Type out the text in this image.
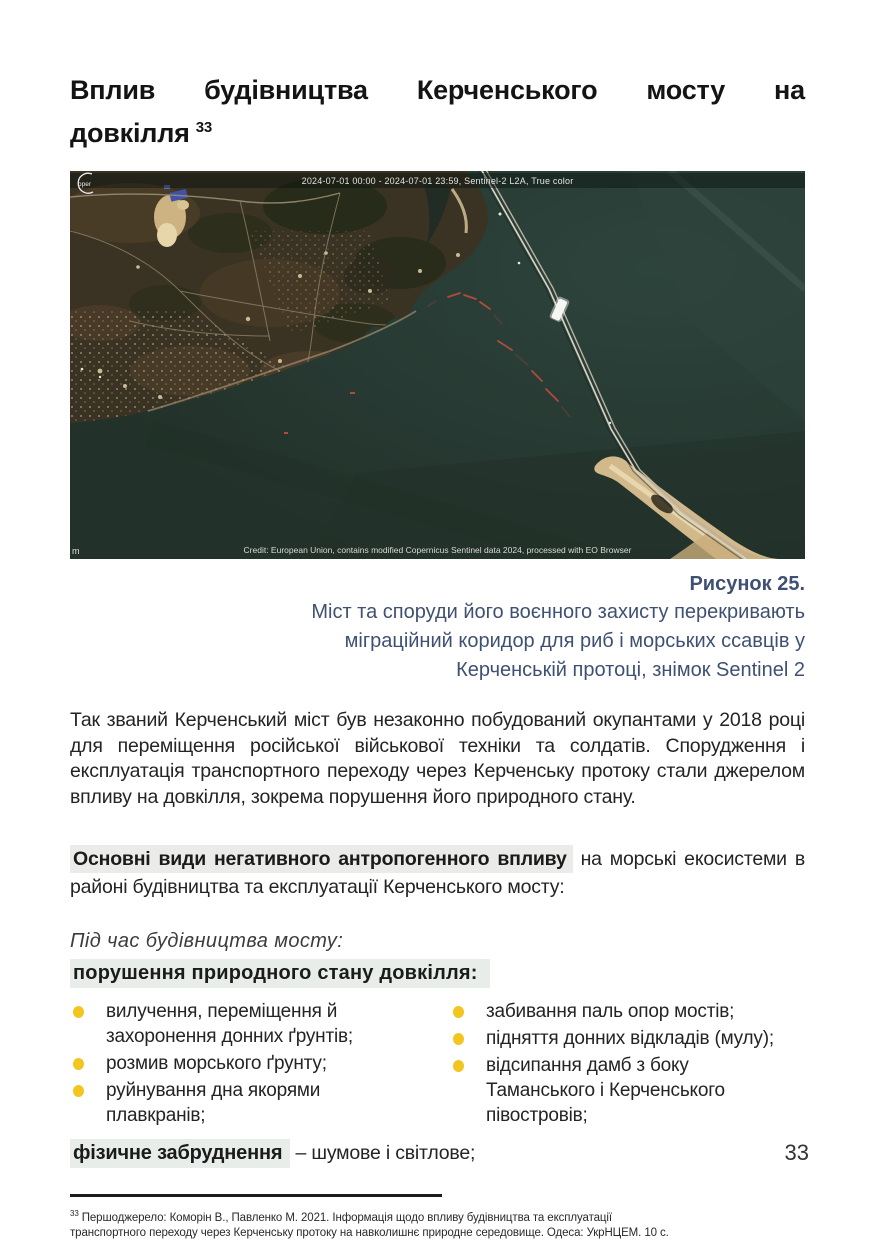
Вплив будівництва Керченського мосту на
довкілля $^{33}$
2024-07-01 00:00 - 2024-07-01 23:59, Sentinel-2 L2A, True color
Credit: European Union, contains modified Copernicus Sentinel data 2024, processed with EO Browser
m
oper
Рисунок 25.
Міст та споруди його воєнного захисту перекривають міграційний коридор для риб і морських ссавців у Керченській протоці, знімок Sentinel 2

Так званий Керченський міст був незаконно побудований окупантами у 2018 році для переміщення російської військової техніки та солдатів. Спорудження і експлуатація транспортного переходу через Керченську протоку стали джерелом впливу на довкілля, зокрема порушення його природного стану.

Основні види негативного антропогенного впливу на морські екосистеми в районі будівництва та експлуатації Керченського мосту:

Під час будівництва мосту:

порушення природного стану довкілля:

вилучення, переміщення й захоронення донних ґрунтів;
розмив морського ґрунту;
руйнування дна якорями плавкранів;
забивання паль опор мостів;
підняття донних відкладів (мулу);
відсипання дамб з боку Таманського і Керченського півостровів;

фізичне забруднення – шумове і світлове;

$^{33}$ Першоджерело: Коморін В., Павленко М. 2021. Інформація щодо впливу будівництва та експлуатації
транспортного переходу через Керченську протоку на навколишнє природне середовище. Одеса: УкрНЦЕМ. 10 с.

33
